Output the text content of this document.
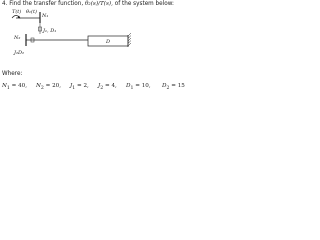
4. Find the transfer function, θ₂(s)/T(s), of the system below:
T(t) θ₁(t)
N₁
J₁, D₁
N₂
J₂D₂
D
Where:
$N_1 = 40$, $N_2 = 20$, $J_1 = 2$, $J_2 = 4$, $D_1 = 10$, $D_2 = 15$
